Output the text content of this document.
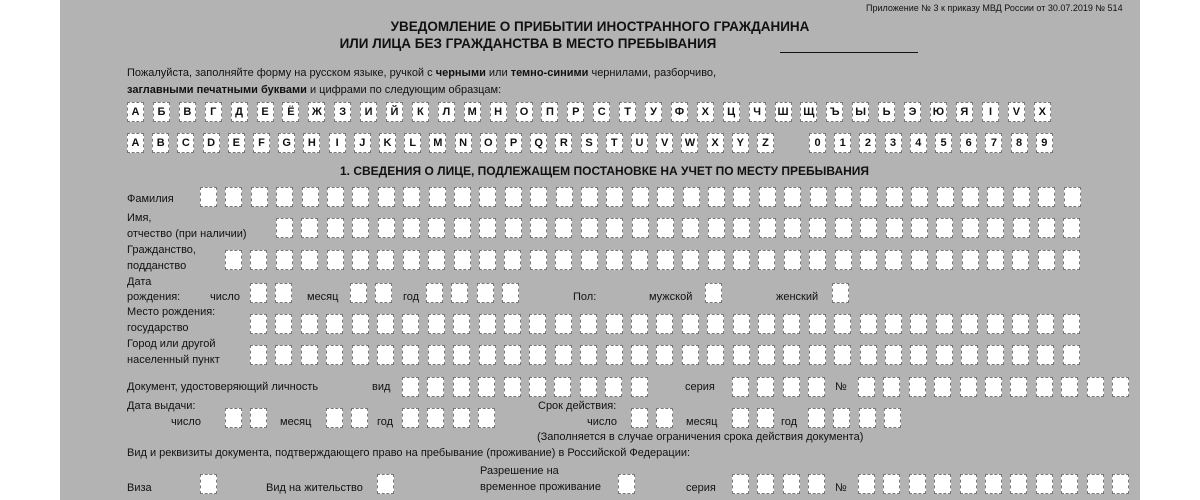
Приложение № 3 к приказу МВД России от 30.07.2019 № 514
УВЕДОМЛЕНИЕ О ПРИБЫТИИ ИНОСТРАННОГО ГРАЖДАНИНА
ИЛИ ЛИЦА БЕЗ ГРАЖДАНСТВА В МЕСТО ПРЕБЫВАНИЯ
Пожалуйста, заполняйте форму на русском языке, ручкой с черными или темно-синими чернилами, разборчиво,
заглавными печатными буквами и цифрами по следующим образцам:
А	Б	В	Г	Д	Е	Ё	Ж	З	И	Й	К	Л	М	Н	О	П	Р	С	Т	У	Ф	Х	Ц	Ч	Ш Щ	Ъ	Ы	Ь	Э	Ю	Я	I	V	X
A	B	C	D	E	F	G	H	I	J	K	L	M	N	O	P	Q	R	S	T	U	V	W	X	Y	Z	0	1	2	3	4	5	6	7	8	9
1. СВЕДЕНИЯ О ЛИЦЕ, ПОДЛЕЖАЩЕМ ПОСТАНОВКЕ НА УЧЕТ ПО МЕСТУ ПРЕБЫВАНИЯ
Фамилия
Имя,
отчество (при наличии)
Гражданство,
подданство
Дата
рождения:	число	месяц	год	Пол:	мужской	женский
Место рождения:
государство
Город или другой
населенный пункт
Документ, удостоверяющий личность	вид	серия	№
Дата выдачи:
число	месяц	год
Срок действия:
число	месяц	год
(Заполняется в случае ограничения срока действия документа)
Вид и реквизиты документа, подтверждающего право на пребывание (проживание) в Российской Федерации:
Виза	Вид на жительство
Разрешение на
временное проживание	серия	№
